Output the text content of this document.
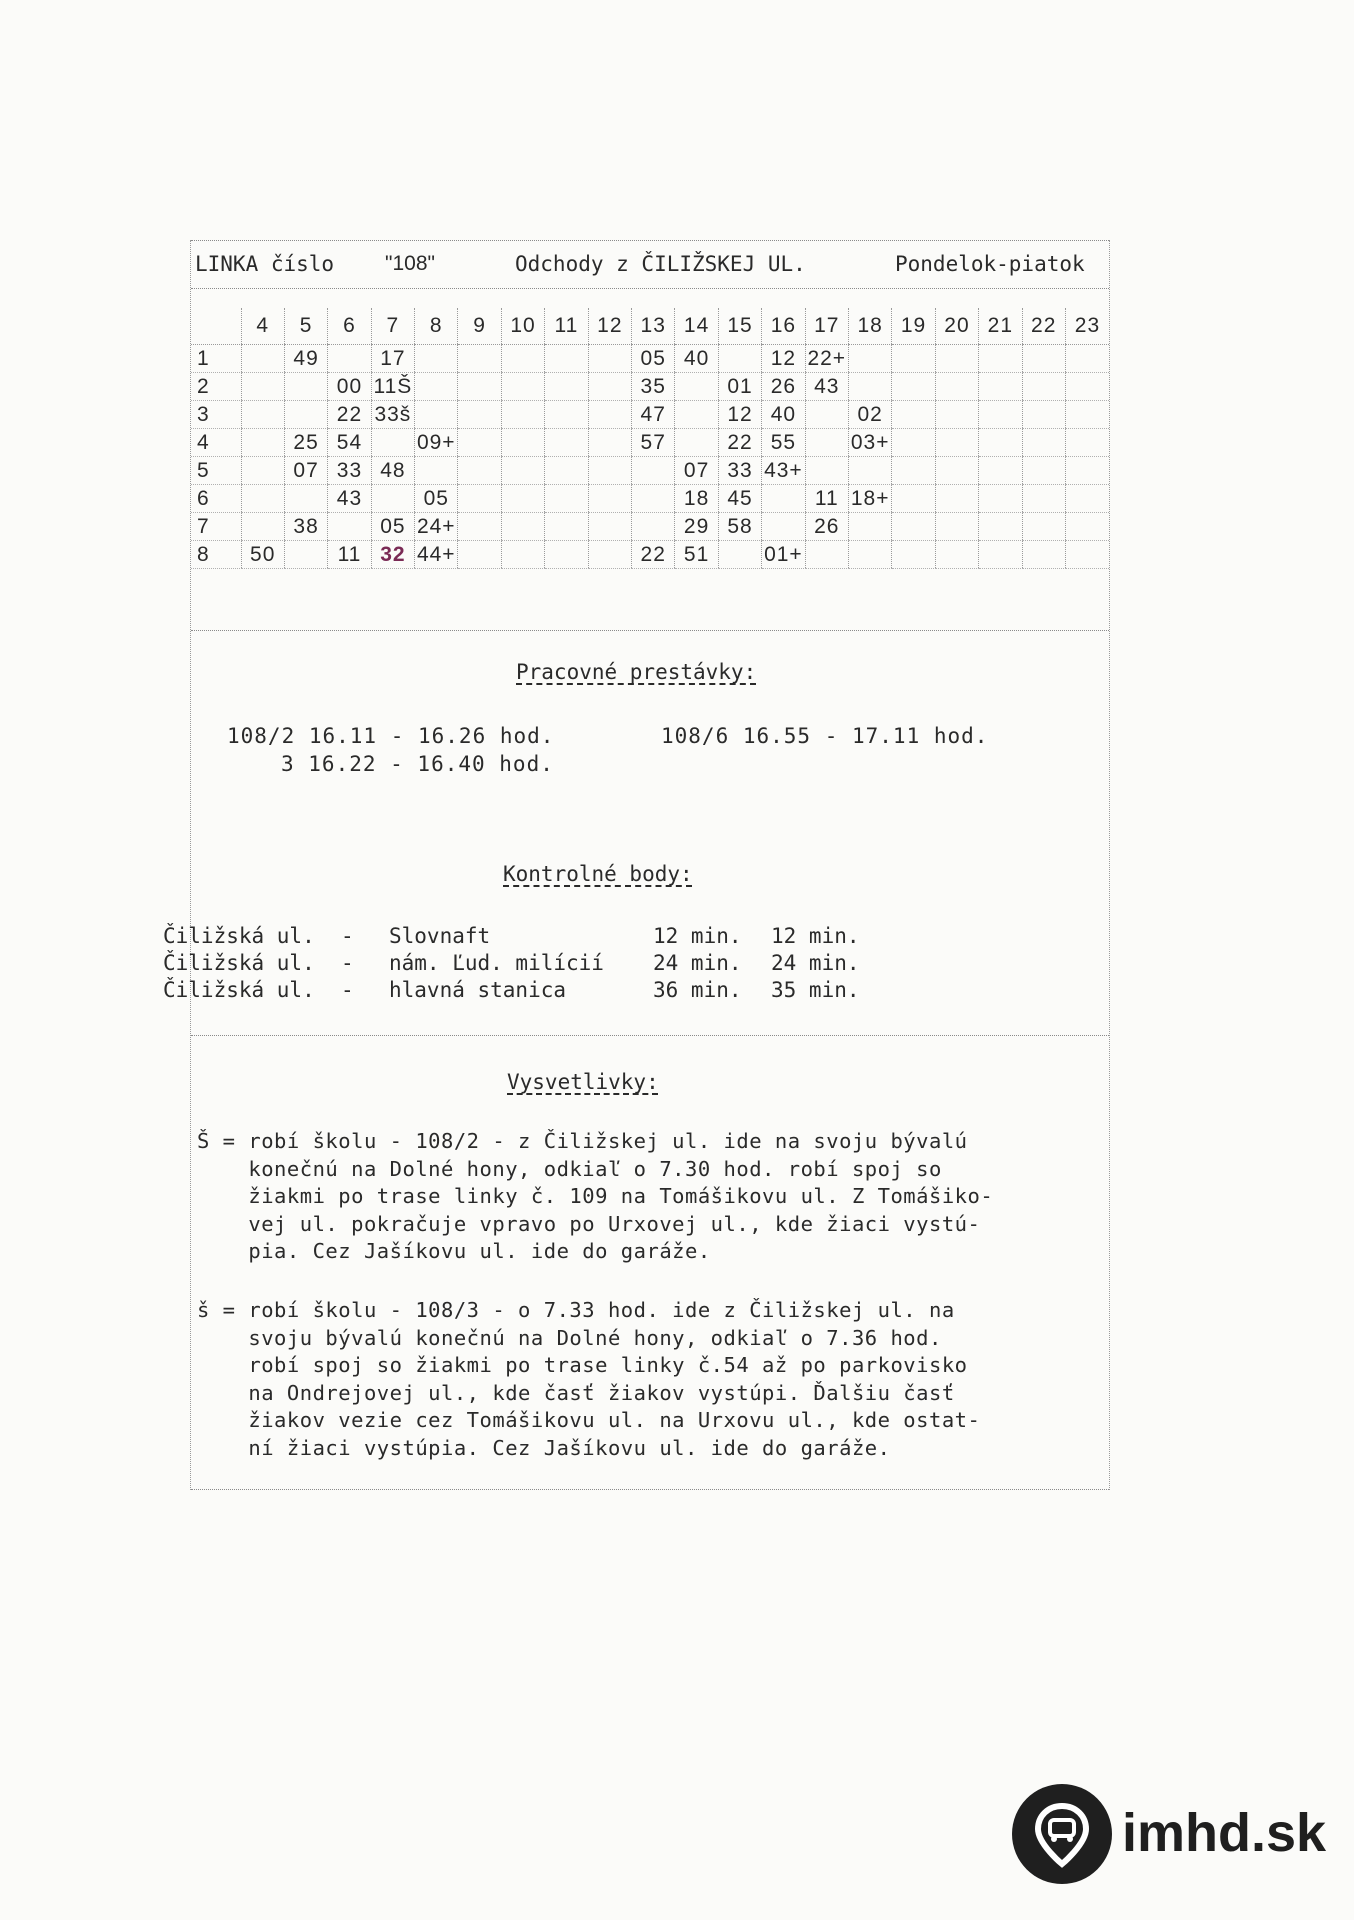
LINKA číslo "108"	Odchody z ČILIŽSKEJ UL.	Pondelok-piatok
	4	5	6	7	8	9	10	11	12	13	14	15	16	17	18	19	20	21	22	23
1		49		17						05	40		12	22+						
2			00	11Š						35		01	26	43						
3			22	33š						47		12	40		02					
4		25	54		09+					57		22	55		03+					
5		07	33	48							07	33	43+							
6			43		05						18	45		11	18+					
7		38		05	24+						29	58		26						
8	50		11	32	44+					22	51		01+							
Pracovné prestávky:
108/2 16.11 - 16.26 hod.	108/6 16.55 - 17.11 hod.
3 16.22 - 16.40 hod.
Kontrolné body:
Čiližská ul. - Slovnaft	12 min. 12 min.
Čiližská ul. - nám. Ľud. milícií 24 min. 24 min.
Čiližská ul. - hlavná stanica	36 min. 35 min.
Vysvetlivky:
Š = robí školu - 108/2 - z Čiližskej ul. ide na svoju bývalú
konečnú na Dolné hony, odkiaľ o 7.30 hod. robí spoj so
žiakmi po trase linky č. 109 na Tomášikovu ul. Z Tomášiko-
vej ul. pokračuje vpravo po Urxovej ul., kde žiaci vystú-
pia. Cez Jašíkovu ul. ide do garáže.
š = robí školu - 108/3 - o 7.33 hod. ide z Čiližskej ul. na
svoju bývalú konečnú na Dolné hony, odkiaľ o 7.36 hod.
robí spoj so žiakmi po trase linky č.54 až po parkovisko
na Ondrejovej ul., kde časť žiakov vystúpi. Ďalšiu časť
žiakov vezie cez Tomášikovu ul. na Urxovu ul., kde ostat-
ní žiaci vystúpia. Cez Jašíkovu ul. ide do garáže.
imhd.sk
